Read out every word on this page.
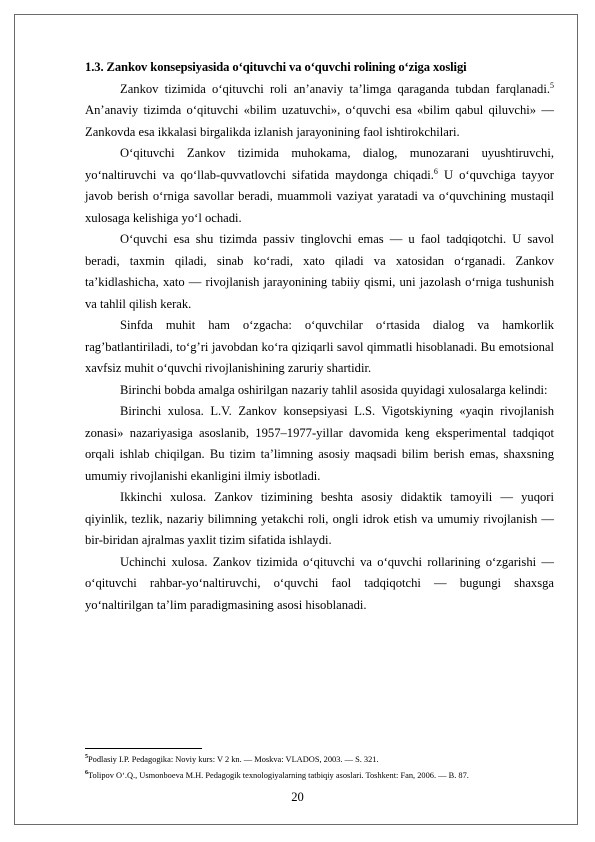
1.3. Zankov konsepsiyasida o‘qituvchi va o‘quvchi rolining o‘ziga xosligi

Zankov tizimida o‘qituvchi roli an’anaviy ta’limga qaraganda tubdan farqlanadi.$^5$ An’anaviy tizimda o‘qituvchi «bilim uzatuvchi», o‘quvchi esa «bilim qabul qiluvchi» — Zankovda esa ikkalasi birgalikda izlanish jarayonining faol ishtirokchilari.

O‘qituvchi Zankov tizimida muhokama, dialog, munozarani uyushtiruvchi, yo‘naltiruvchi va qo‘llab-quvvatlovchi sifatida maydonga chiqadi.$^6$ U o‘quvchiga tayyor javob berish o‘rniga savollar beradi, muammoli vaziyat yaratadi va o‘quvchining mustaqil xulosaga kelishiga yo‘l ochadi.

O‘quvchi esa shu tizimda passiv tinglovchi emas — u faol tadqiqotchi. U savol beradi, taxmin qiladi, sinab ko‘radi, xato qiladi va xatosidan o‘rganadi. Zankov ta’kidlashicha, xato — rivojlanish jarayonining tabiiy qismi, uni jazolash o‘rniga tushunish va tahlil qilish kerak.

Sinfda muhit ham o‘zgacha: o‘quvchilar o‘rtasida dialog va hamkorlik rag’batlantiriladi, to‘g’ri javobdan ko‘ra qiziqarli savol qimmatli hisoblanadi. Bu emotsional xavfsiz muhit o‘quvchi rivojlanishining zaruriy shartidir.

Birinchi bobda amalga oshirilgan nazariy tahlil asosida quyidagi xulosalarga kelindi:

Birinchi xulosa. L.V. Zankov konsepsiyasi L.S. Vigotskiyning «yaqin rivojlanish zonasi» nazariyasiga asoslanib, 1957–1977-yillar davomida keng eksperimental tadqiqot orqali ishlab chiqilgan. Bu tizim ta’limning asosiy maqsadi bilim berish emas, shaxsning umumiy rivojlanishi ekanligini ilmiy isbotladi.

Ikkinchi xulosa. Zankov tizimining beshta asosiy didaktik tamoyili — yuqori qiyinlik, tezlik, nazariy bilimning yetakchi roli, ongli idrok etish va umumiy rivojlanish — bir-biridan ajralmas yaxlit tizim sifatida ishlaydi.

Uchinchi xulosa. Zankov tizimida o‘qituvchi va o‘quvchi rollarining o‘zgarishi — o‘qituvchi rahbar-yo‘naltiruvchi, o‘quvchi faol tadqiqotchi — bugungi shaxsga yo‘naltirilgan ta’lim paradigmasining asosi hisoblanadi.

$^5$Podlasiy I.P. Pedagogika: Noviy kurs: V 2 kn. — Moskva: VLADOS, 2003. — S. 321.
$^6$Tolipov O‘.Q., Usmonboeva M.H. Pedagogik texnologiyalarning tatbiqiy asoslari. Toshkent: Fan, 2006. — B. 87.
20
